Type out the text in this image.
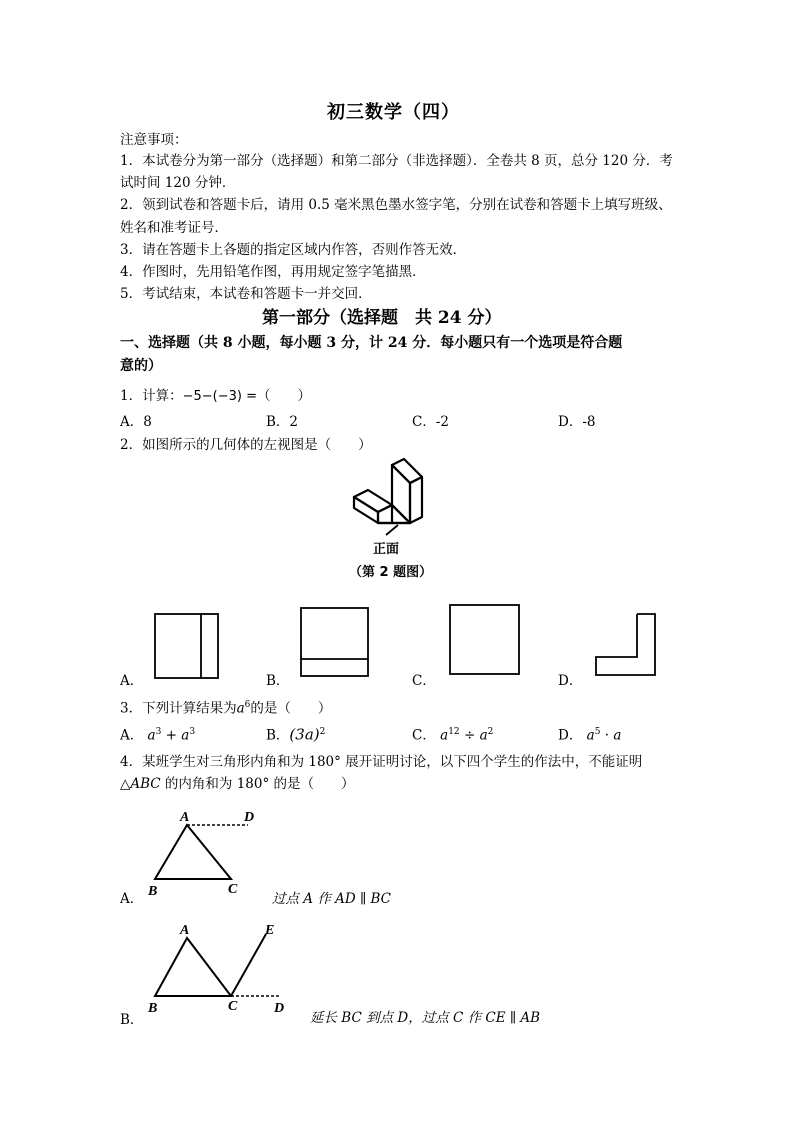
初三数学（四）
注意事项：
1．本试卷分为第一部分（选择题）和第二部分（非选择题）．全卷共 8 页，总分 120 分．考
试时间 120 分钟．
2．领到试卷和答题卡后，请用 0.5 毫米黑色墨水签字笔，分别在试卷和答题卡上填写班级、
姓名和准考证号．
3．请在答题卡上各题的指定区域内作答，否则作答无效．
4．作图时，先用铅笔作图，再用规定签字笔描黑．
5．考试结束，本试卷和答题卡一并交回．
第一部分（选择题　共 24 分）
一、选择题（共 8 小题，每小题 3 分，计 24 分．每小题只有一个选项是符合题
意的）
1．计算：−5−(−3) =（　　）
A．8	B．2	C．-2	D．-8
2．如图所示的几何体的左视图是（　　）
正面
（第 2 题图）
A．	B．	C．	D．
3．下列计算结果为$a^6$的是（　　）
A． $a^3 + a^3$	B．$(3a)^2$	C． $a^{12} \div a^2$	D． $a^5 \cdot a$
4．某班学生对三角形内角和为 180° 展开证明讨论，以下四个学生的作法中，不能证明
△ABC 的内角和为 180° 的是（　　）
A	D
B	C
A．	过点 A 作 AD ∥ BC
A	E
B	C	D
B．	延长 BC 到点 D，过点 C 作 CE ∥ AB
